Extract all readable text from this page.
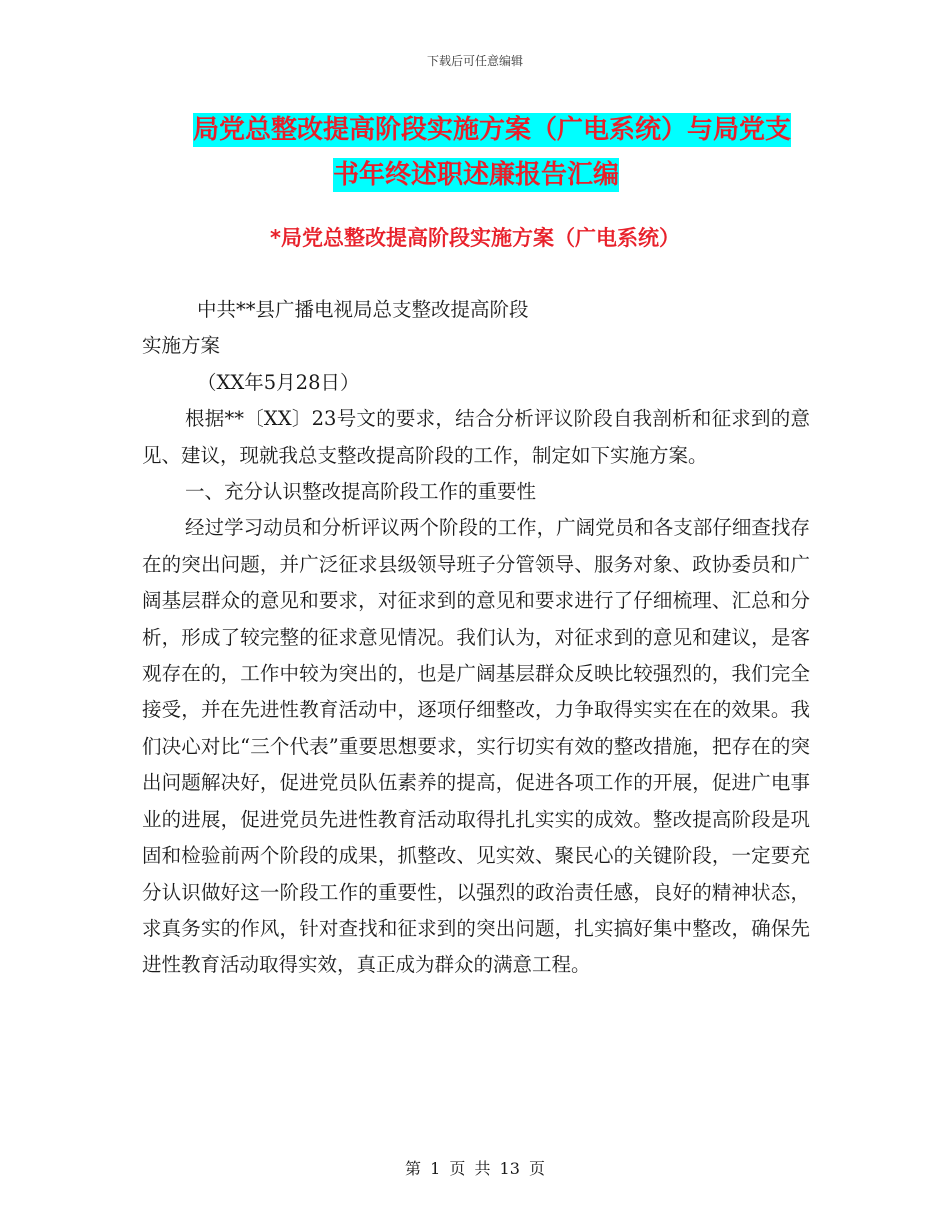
下载后可任意编辑
局党总整改提高阶段实施方案（广电系统）与局党支
书年终述职述廉报告汇编
*局党总整改提高阶段实施方案（广电系统）

中共**县广播电视局总支整改提高阶段

实施方案

（XX年5月28日）

根据**〔XX〕23号文的要求，结合分析评议阶段自我剖析和征求到的意见、建议，现就我总支整改提高阶段的工作，制定如下实施方案。

一、充分认识整改提高阶段工作的重要性

经过学习动员和分析评议两个阶段的工作，广阔党员和各支部仔细查找存在的突出问题，并广泛征求县级领导班子分管领导、服务对象、政协委员和广阔基层群众的意见和要求，对征求到的意见和要求进行了仔细梳理、汇总和分析，形成了较完整的征求意见情况。我们认为，对征求到的意见和建议，是客观存在的，工作中较为突出的，也是广阔基层群众反映比较强烈的，我们完全接受，并在先进性教育活动中，逐项仔细整改，力争取得实实在在的效果。我们决心对比“三个代表”重要思想要求，实行切实有效的整改措施，把存在的突出问题解决好，促进党员队伍素养的提高，促进各项工作的开展，促进广电事业的进展，促进党员先进性教育活动取得扎扎实实的成效。整改提高阶段是巩固和检验前两个阶段的成果，抓整改、见实效、聚民心的关键阶段，一定要充分认识做好这一阶段工作的重要性，以强烈的政治责任感，良好的精神状态，求真务实的作风，针对查找和征求到的突出问题，扎实搞好集中整改，确保先进性教育活动取得实效，真正成为群众的满意工程。

第 1 页 共 13 页
